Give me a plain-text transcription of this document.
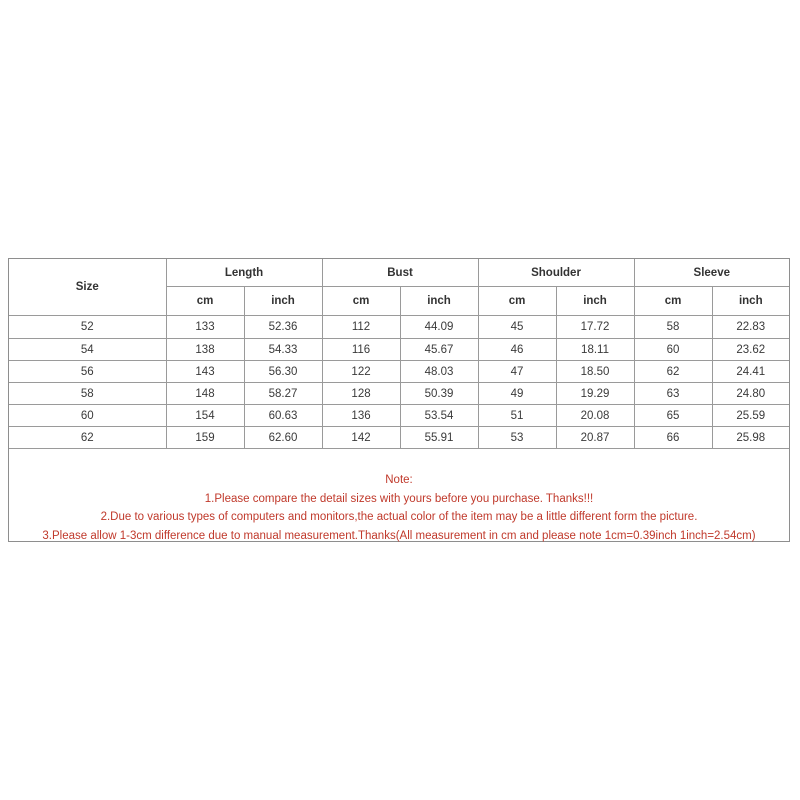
Size	Length		Bust		Shoulder		Sleeve	
	cm	inch	cm	inch	cm	inch	cm	inch
52	133	52.36	112	44.09	45	17.72	58	22.83
54	138	54.33	116	45.67	46	18.11	60	23.62
56	143	56.30	122	48.03	47	18.50	62	24.41
58	148	58.27	128	50.39	49	19.29	63	24.80
60	154	60.63	136	53.54	51	20.08	65	25.59
62	159	62.60	142	55.91	53	20.87	66	25.98
Note:
1.Please compare the detail sizes with yours before you purchase. Thanks!!!
2.Due to various types of computers and monitors,the actual color of the item may be a little different form the picture.
3.Please allow 1-3cm difference due to manual measurement.Thanks(All measurement in cm and please note 1cm=0.39inch 1inch=2.54cm)
